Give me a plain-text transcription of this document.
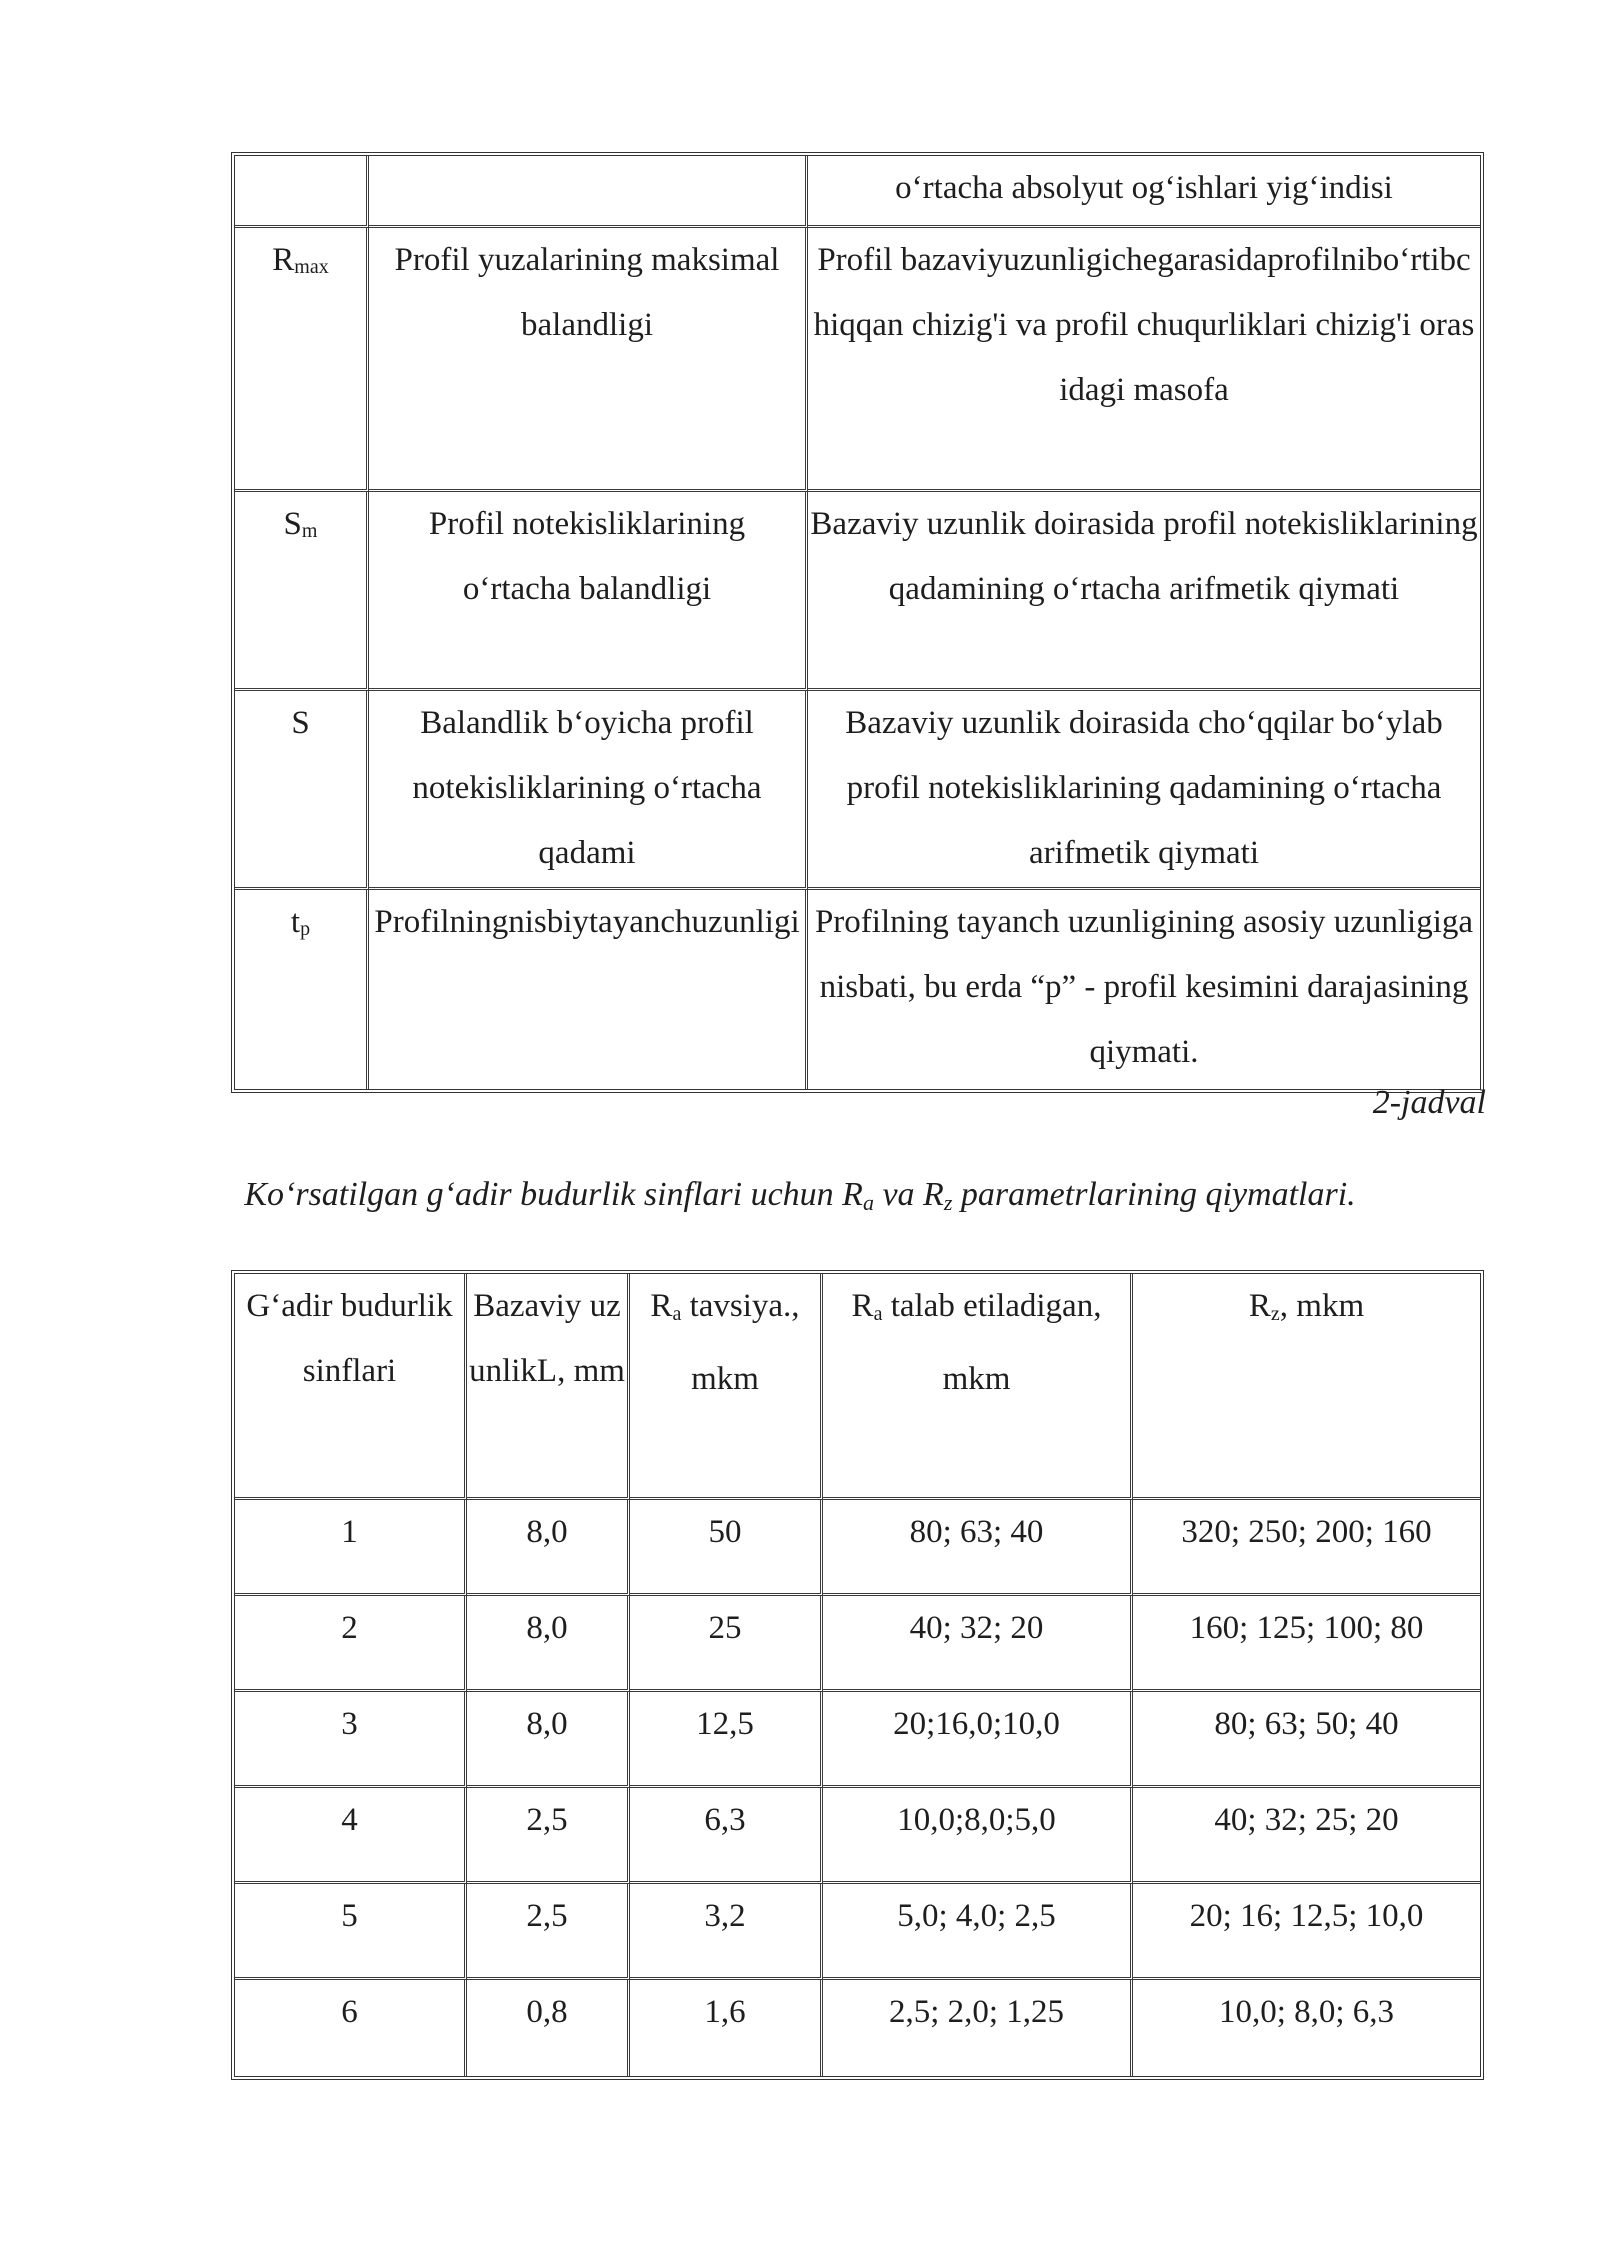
		o‘rtacha absolyut og‘ishlari yig‘indisi
Rmax	Profil yuzalarining maksimal balandligi	Profil bazaviyuzunligichegarasidaprofilnibo‘rtibchiqqan chizig'i va profil chuqurliklari chizig'i orasidagi masofa
Sm	Profil notekisliklarining o‘rtacha balandligi	Bazaviy uzunlik doirasida profil notekisliklarining qadamining o‘rtacha arifmetik qiymati
S	Balandlik b‘oyicha profil notekisliklarining o‘rtacha qadami	Bazaviy uzunlik doirasida cho‘qqilar bo‘ylab profil notekisliklarining qadamining o‘rtacha arifmetik qiymati
tp	Profilningnisbiytayanchuzunligi	Profilning tayanch uzunligining asosiy uzunligiga nisbati, bu erda “p” - profil kesimini darajasining qiymati.
2-jadval
Ko‘rsatilgan g‘adir budurlik sinflari uchun Ra va Rz parametrlarining qiymatlari.
G‘adir budurlik sinflari	Bazaviy uzunlikL, mm	Ra tavsiya., mkm	Ra talab etiladigan, mkm	Rz, mkm
1	8,0	50	80; 63; 40	320; 250; 200; 160
2	8,0	25	40; 32; 20	160; 125; 100; 80
3	8,0	12,5	20;16,0;10,0	80; 63; 50; 40
4	2,5	6,3	10,0;8,0;5,0	40; 32; 25; 20
5	2,5	3,2	5,0; 4,0; 2,5	20; 16; 12,5; 10,0
6	0,8	1,6	2,5; 2,0; 1,25	10,0; 8,0; 6,3
